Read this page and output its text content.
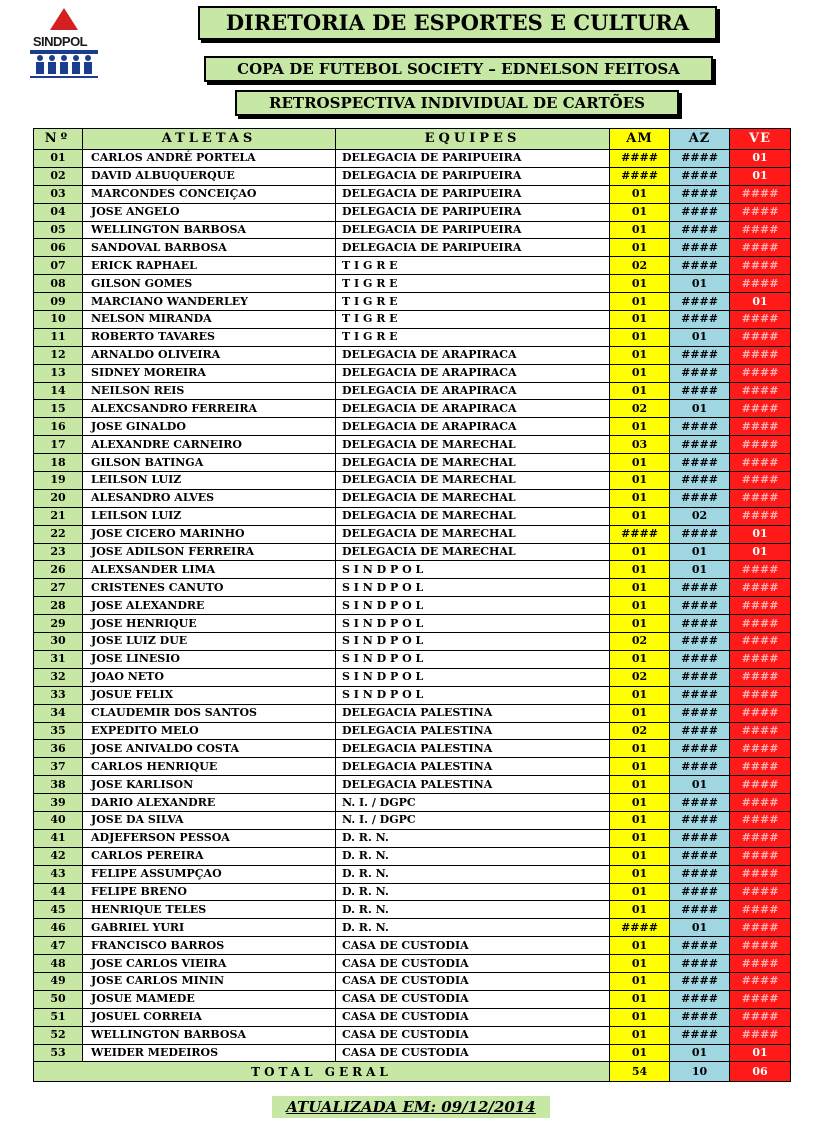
SINDPOL
DIRETORIA DE ESPORTES E CULTURA
COPA DE FUTEBOL SOCIETY – EDNELSON FEITOSA
RETROSPECTIVA INDIVIDUAL DE CARTÕES
Nº	ATLETAS	EQUIPES	AM	AZ	VE
01	CARLOS ANDRÉ PORTELA	DELEGACIA DE PARIPUEIRA	####	####	01
02	DAVID ALBUQUERQUE	DELEGACIA DE PARIPUEIRA	####	####	01
03	MARCONDES CONCEIÇAO	DELEGACIA DE PARIPUEIRA	01	####	####
04	JOSE ANGELO	DELEGACIA DE PARIPUEIRA	01	####	####
05	WELLINGTON BARBOSA	DELEGACIA DE PARIPUEIRA	01	####	####
06	SANDOVAL BARBOSA	DELEGACIA DE PARIPUEIRA	01	####	####
07	ERICK RAPHAEL	T I G R E	02	####	####
08	GILSON GOMES	T I G R E	01	01	####
09	MARCIANO WANDERLEY	T I G R E	01	####	01
10	NELSON MIRANDA	T I G R E	01	####	####
11	ROBERTO TAVARES	T I G R E	01	01	####
12	ARNALDO OLIVEIRA	DELEGACIA DE ARAPIRACA	01	####	####
13	SIDNEY MOREIRA	DELEGACIA DE ARAPIRACA	01	####	####
14	NEILSON REIS	DELEGACIA DE ARAPIRACA	01	####	####
15	ALEXCSANDRO FERREIRA	DELEGACIA DE ARAPIRACA	02	01	####
16	JOSE GINALDO	DELEGACIA DE ARAPIRACA	01	####	####
17	ALEXANDRE CARNEIRO	DELEGACIA DE MARECHAL	03	####	####
18	GILSON BATINGA	DELEGACIA DE MARECHAL	01	####	####
19	LEILSON LUIZ	DELEGACIA DE MARECHAL	01	####	####
20	ALESANDRO ALVES	DELEGACIA DE MARECHAL	01	####	####
21	LEILSON LUIZ	DELEGACIA DE MARECHAL	01	02	####
22	JOSE CICERO MARINHO	DELEGACIA DE MARECHAL	####	####	01
23	JOSE ADILSON FERREIRA	DELEGACIA DE MARECHAL	01	01	01
26	ALEXSANDER LIMA	S I N D P O L	01	01	####
27	CRISTENES CANUTO	S I N D P O L	01	####	####
28	JOSE ALEXANDRE	S I N D P O L	01	####	####
29	JOSE HENRIQUE	S I N D P O L	01	####	####
30	JOSE LUIZ DUE	S I N D P O L	02	####	####
31	JOSE LINESIO	S I N D P O L	01	####	####
32	JOAO NETO	S I N D P O L	02	####	####
33	JOSUE FELIX	S I N D P O L	01	####	####
34	CLAUDEMIR DOS SANTOS	DELEGACIA PALESTINA	01	####	####
35	EXPEDITO MELO	DELEGACIA PALESTINA	02	####	####
36	JOSE ANIVALDO COSTA	DELEGACIA PALESTINA	01	####	####
37	CARLOS HENRIQUE	DELEGACIA PALESTINA	01	####	####
38	JOSE KARLISON	DELEGACIA PALESTINA	01	01	####
39	DARIO ALEXANDRE	N. I. / DGPC	01	####	####
40	JOSE DA SILVA	N. I. / DGPC	01	####	####
41	ADJEFERSON PESSOA	D. R. N.	01	####	####
42	CARLOS PEREIRA	D. R. N.	01	####	####
43	FELIPE ASSUMPÇAO	D. R. N.	01	####	####
44	FELIPE BRENO	D. R. N.	01	####	####
45	HENRIQUE TELES	D. R. N.	01	####	####
46	GABRIEL YURI	D. R. N.	####	01	####
47	FRANCISCO BARROS	CASA DE CUSTODIA	01	####	####
48	JOSE CARLOS VIEIRA	CASA DE CUSTODIA	01	####	####
49	JOSE CARLOS MININ	CASA DE CUSTODIA	01	####	####
50	JOSUE MAMEDE	CASA DE CUSTODIA	01	####	####
51	JOSUEL CORREIA	CASA DE CUSTODIA	01	####	####
52	WELLINGTON BARBOSA	CASA DE CUSTODIA	01	####	####
53	WEIDER MEDEIROS	CASA DE CUSTODIA	01	01	01
TOTAL GERAL			54	10	06
ATUALIZADA EM: 09/12/2014
